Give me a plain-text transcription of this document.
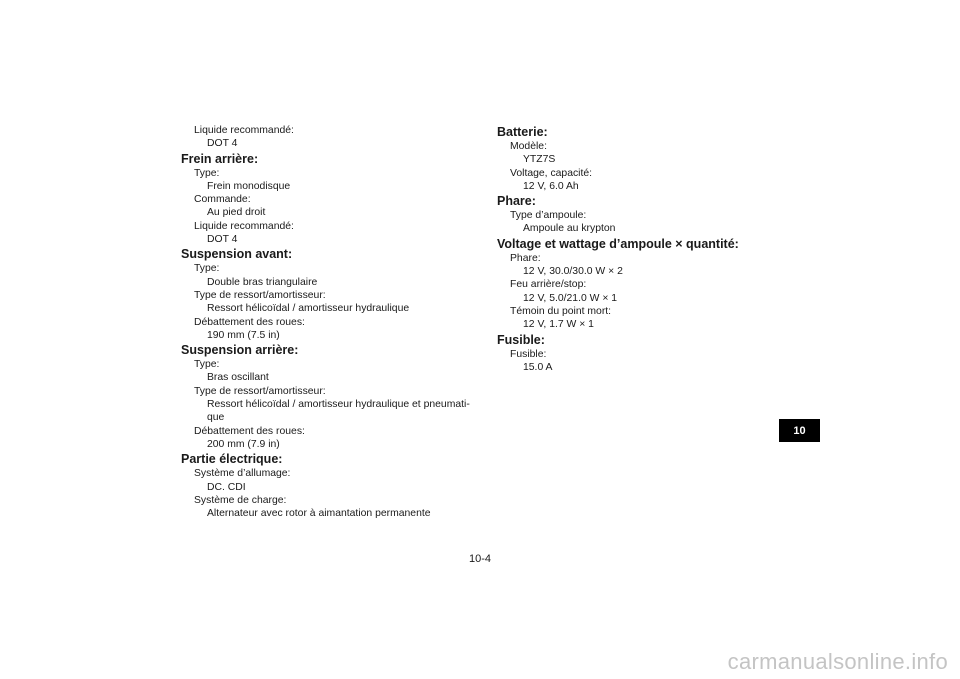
Liquide recommandé:
DOT 4
Frein arrière:
Type:
Frein monodisque
Commande:
Au pied droit
Liquide recommandé:
DOT 4
Suspension avant:
Type:
Double bras triangulaire
Type de ressort/amortisseur:
Ressort hélicoïdal / amortisseur hydraulique
Débattement des roues:
190 mm (7.5 in)
Suspension arrière:
Type:
Bras oscillant
Type de ressort/amortisseur:
Ressort hélicoïdal / amortisseur hydraulique et pneumati-
que
Débattement des roues:
200 mm (7.9 in)
Partie électrique:
Système d’allumage:
DC. CDI
Système de charge:
Alternateur avec rotor à aimantation permanente
Batterie:
Modèle:
YTZ7S
Voltage, capacité:
12 V, 6.0 Ah
Phare:
Type d’ampoule:
Ampoule au krypton
Voltage et wattage d’ampoule × quantité:
Phare:
12 V, 30.0/30.0 W × 2
Feu arrière/stop:
12 V, 5.0/21.0 W × 1
Témoin du point mort:
12 V, 1.7 W × 1
Fusible:
Fusible:
15.0 A
10
10-4
carmanualsonline.info
